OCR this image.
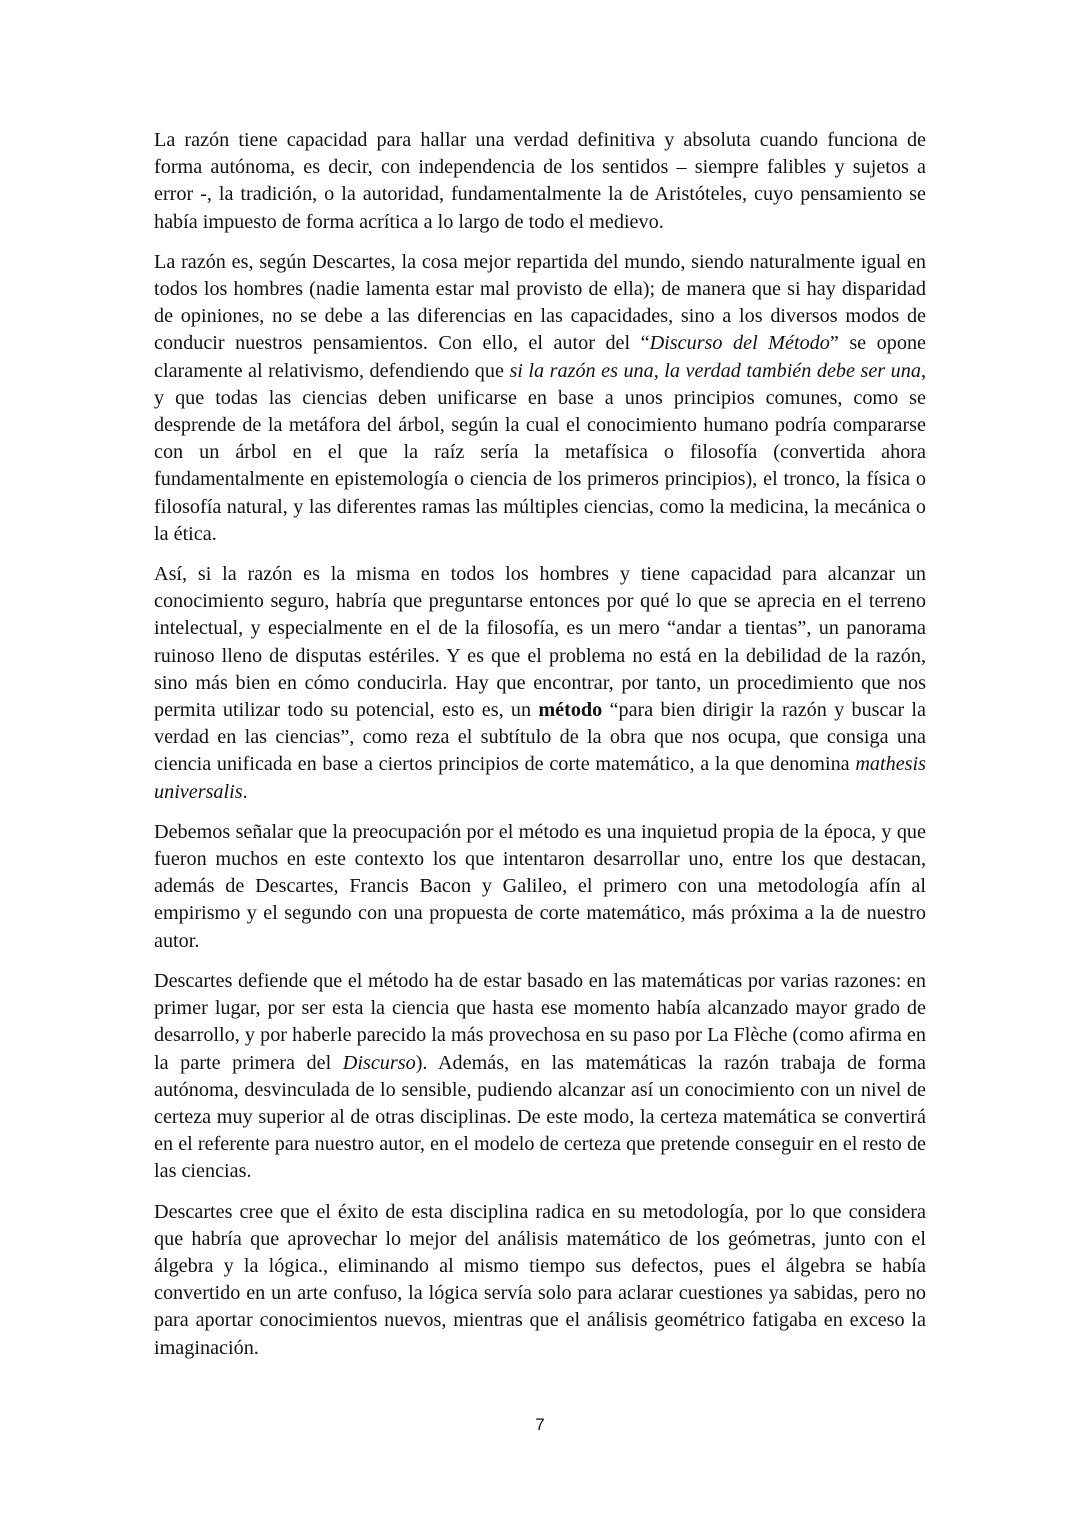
La razón tiene capacidad para hallar una verdad definitiva y absoluta cuando funciona de forma autónoma, es decir, con independencia de los sentidos – siempre falibles y sujetos a error -, la tradición, o la autoridad, fundamentalmente la de Aristóteles, cuyo pensamiento se había impuesto de forma acrítica a lo largo de todo el medievo.

La razón es, según Descartes, la cosa mejor repartida del mundo, siendo naturalmente igual en todos los hombres (nadie lamenta estar mal provisto de ella); de manera que si hay disparidad de opiniones, no se debe a las diferencias en las capacidades, sino a los diversos modos de conducir nuestros pensamientos. Con ello, el autor del “Discurso del Método” se opone claramente al relativismo, defendiendo que si la razón es una, la verdad también debe ser una, y que todas las ciencias deben unificarse en base a unos principios comunes, como se desprende de la metáfora del árbol, según la cual el conocimiento humano podría compararse con un árbol en el que la raíz sería la metafísica o filosofía (convertida ahora fundamentalmente en epistemología o ciencia de los primeros principios), el tronco, la física o filosofía natural, y las diferentes ramas las múltiples ciencias, como la medicina, la mecánica o la ética.

Así, si la razón es la misma en todos los hombres y tiene capacidad para alcanzar un conocimiento seguro, habría que preguntarse entonces por qué lo que se aprecia en el terreno intelectual, y especialmente en el de la filosofía, es un mero “andar a tientas”, un panorama ruinoso lleno de disputas estériles. Y es que el problema no está en la debilidad de la razón, sino más bien en cómo conducirla. Hay que encontrar, por tanto, un procedimiento que nos permita utilizar todo su potencial, esto es, un método “para bien dirigir la razón y buscar la verdad en las ciencias”, como reza el subtítulo de la obra que nos ocupa, que consiga una ciencia unificada en base a ciertos principios de corte matemático, a la que denomina mathesis universalis.

Debemos señalar que la preocupación por el método es una inquietud propia de la época, y que fueron muchos en este contexto los que intentaron desarrollar uno, entre los que destacan, además de Descartes, Francis Bacon y Galileo, el primero con una metodología afín al empirismo y el segundo con una propuesta de corte matemático, más próxima a la de nuestro autor.

Descartes defiende que el método ha de estar basado en las matemáticas por varias razones: en primer lugar, por ser esta la ciencia que hasta ese momento había alcanzado mayor grado de desarrollo, y por haberle parecido la más provechosa en su paso por La Flèche (como afirma en la parte primera del Discurso). Además, en las matemáticas la razón trabaja de forma autónoma, desvinculada de lo sensible, pudiendo alcanzar así un conocimiento con un nivel de certeza muy superior al de otras disciplinas. De este modo, la certeza matemática se convertirá en el referente para nuestro autor, en el modelo de certeza que pretende conseguir en el resto de las ciencias.

Descartes cree que el éxito de esta disciplina radica en su metodología, por lo que considera que habría que aprovechar lo mejor del análisis matemático de los geómetras, junto con el álgebra y la lógica., eliminando al mismo tiempo sus defectos, pues el álgebra se había convertido en un arte confuso, la lógica servía solo para aclarar cuestiones ya sabidas, pero no para aportar conocimientos nuevos, mientras que el análisis geométrico fatigaba en exceso la imaginación.

7
